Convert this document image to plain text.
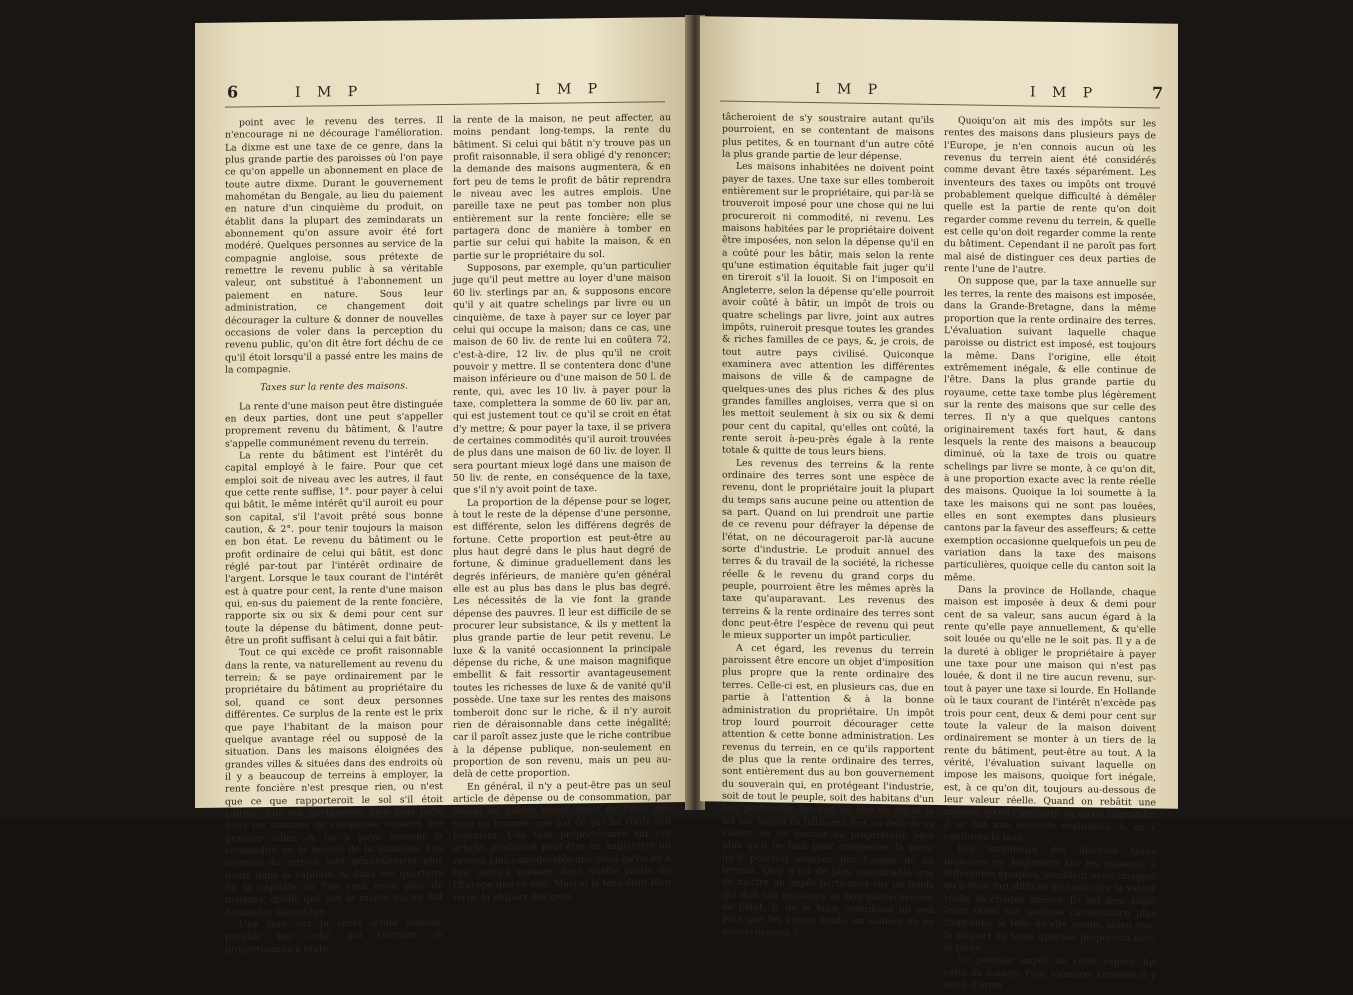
6	I M P	I M P

point avec le revenu des terres. Il n'encourage ni ne décourage l'amélioration. La dixme est une taxe de ce genre, dans la plus grande partie des paroisses où l'on paye ce qu'on appelle un abonnement en place de toute autre dixme. Durant le gouvernement mahométan du Bengale, au lieu du paiement en nature d'un cinquième du produit, on établit dans la plupart des zemindarats un abonnement qu'on assure avoir été fort modéré. Quelques personnes au service de la compagnie angloise, sous prétexte de remettre le revenu public à sa véritable valeur, ont substitué à l'abonnement un paiement en nature. Sous leur administration, ce changement doit décourager la culture & donner de nouvelles occasions de voler dans la perception du revenu public, qu'on dit être fort déchu de ce qu'il étoit lorsqu'il a passé entre les mains de la compagnie.

Taxes sur la rente des maisons.

La rente d'une maison peut être distinguée en deux parties, dont une peut s'appeller proprement revenu du bâtiment, & l'autre s'appelle communément revenu du terrein.

La rente du bâtiment est l'intérêt du capital employé à le faire. Pour que cet emploi soit de niveau avec les autres, il faut que cette rente suffise, 1°. pour payer à celui qui bâtit, le même intérêt qu'il auroit eu pour son capital, s'il l'avoit prêté sous bonne caution, & 2°. pour tenir toujours la maison en bon état. Le revenu du bâtiment ou le profit ordinaire de celui qui bâtit, est donc réglé par-tout par l'intérêt ordinaire de l'argent. Lorsque le taux courant de l'intérêt est à quatre pour cent, la rente d'une maison qui, en-sus du paiement de la rente foncière, rapporte six ou six & demi pour cent sur toute la dépense du bâtiment, donne peut-être un profit suffisant à celui qui a fait bâtir.

Tout ce qui excède ce profit raisonnable dans la rente, va naturellement au revenu du terrein; & se paye ordinairement par le propriétaire du bâtiment au propriétaire du sol, quand ce sont deux personnes différentes. Ce surplus de la rente est le prix que paye l'habitant de la maison pour quelque avantage réel ou supposé de la situation. Dans les maisons éloignées des grandes villes & situées dans des endroits où il y a beaucoup de terreins à employer, la rente foncière n'est presque rien, ou n'est que ce que rapporteroit le sol s'il étoit cultivé. Elle est quelquefois bien plus forte dans les maisons de campagne voisines des grandes villes, & on y paye souvent la commodité ou la beauté de la situation. Les revenus du terrein sont généralement plus hauts dans la capitale, & dans ces quartiers de la capitale où l'on veut avoir plus de maisons, quelle que soit la raison qui en fait demander davantage.

Une taxe sur la rente d'une maison, payable par celui qui l'occupe, & proportionnée à toute

la rente de la maison, ne peut affecter, au moins pendant long-temps, la rente du bâtiment. Si celui qui bâtit n'y trouve pas un profit raisonnable, il sera obligé d'y renoncer; la demande des maisons augmentera, & en fort peu de tems le profit de bâtir reprendra le niveau avec les autres emplois. Une pareille taxe ne peut pas tomber non plus entièrement sur la rente foncière; elle se partagera donc de manière à tomber en partie sur celui qui habite la maison, & en partie sur le propriétaire du sol.

Supposons, par exemple, qu'un particulier juge qu'il peut mettre au loyer d'une maison 60 liv. sterlings par an, & supposons encore qu'il y ait quatre schelings par livre ou un cinquième, de taxe à payer sur ce loyer par celui qui occupe la maison; dans ce cas, une maison de 60 liv. de rente lui en coûtera 72, c'est-à-dire, 12 liv. de plus qu'il ne croit pouvoir y mettre. Il se contentera donc d'une maison inférieure ou d'une maison de 50 l. de rente, qui, avec les 10 liv. à payer pour la taxe, complettera la somme de 60 liv. par an, qui est justement tout ce qu'il se croit en état d'y mettre; & pour payer la taxe, il se privera de certaines commodités qu'il auroit trouvées de plus dans une maison de 60 liv. de loyer. Il sera pourtant mieux logé dans une maison de 50 liv. de rente, en conséquence de la taxe, que s'il n'y avoit point de taxe.

La proportion de la dépense pour se loger, à tout le reste de la dépense d'une personne, est différente, selon les différens degrés de fortune. Cette proportion est peut-être au plus haut degré dans le plus haut degré de fortune, & diminue graduellement dans les degrés inférieurs, de manière qu'en général elle est au plus bas dans le plus bas degré. Les nécessités de la vie font la grande dépense des pauvres. Il leur est difficile de se procurer leur subsistance, & ils y mettent la plus grande partie de leur petit revenu. Le luxe & la vanité occasionnent la principale dépense du riche, & une maison magnifique embellit & fait ressortir avantageusement toutes les richesses de luxe & de vanité qu'il possède. Une taxe sur les rentes des maisons tomberoit donc sur le riche, & il n'y auroit rien de déraisonnable dans cette inégalité; car il paroît assez juste que le riche contribue à la dépense publique, non-seulement en proportion de son revenu, mais un peu au-delà de cette proportion.

En général, il n'y a peut-être pas un seul article de dépense ou de consommation, par lequel on puisse mieux juger de l'état que tient un homme, que par ce que lui coûte son logement. Une taxe proportionnée sur cet article, produiroit peut-être en Angleterre un revenu plus considérable que celui qu'on en a tiré jusqu'à présent dans quelle partie de l'Europe que ce soit. Mais si la taxe étoit bien forte, la plupart des gens

I M P	I M P	7

tâcheroient de s'y soustraire autant qu'ils pourroient, en se contentant de maisons plus petites, & en tournant d'un autre côté la plus grande partie de leur dépense.

Les maisons inhabitées ne doivent point payer de taxes. Une taxe sur elles tomberoit entièrement sur le propriétaire, qui par-là se trouveroit imposé pour une chose qui ne lui procureroit ni commodité, ni revenu. Les maisons habitées par le propriétaire doivent être imposées, non selon la dépense qu'il en a coûté pour les bâtir, mais selon la rente qu'une estimation équitable fait juger qu'il en tireroit s'il la louoit. Si on l'imposoit en Angleterre, selon la dépense qu'elle pourroit avoir coûté à bâtir, un impôt de trois ou quatre schelings par livre, joint aux autres impôts, ruineroit presque toutes les grandes & riches familles de ce pays, &, je crois, de tout autre pays civilisé. Quiconque examinera avec attention les différentes maisons de ville & de campagne de quelques-unes des plus riches & des plus grandes familles angloises, verra que si on les mettoit seulement à six ou six & demi pour cent du capital, qu'elles ont coûté, la rente seroit à-peu-près égale à la rente totale & quitte de tous leurs biens.

Les revenus des terreins & la rente ordinaire des terres sont une espèce de revenu, dont le propriétaire jouit la plupart du temps sans aucune peine ou attention de sa part. Quand on lui prendroit une partie de ce revenu pour défrayer la dépense de l'état, on ne décourageroit par-là aucune sorte d'industrie. Le produit annuel des terres & du travail de la société, la richesse réelle & le revenu du grand corps du peuple, pourroient être les mêmes après la taxe qu'auparavant. Les revenus des terreins & la rente ordinaire des terres sont donc peut-être l'espèce de revenu qui peut le mieux supporter un impôt particulier.

A cet égard, les revenus du terrein paroissent être encore un objet d'imposition plus propre que la rente ordinaire des terres. Celle-ci est, en plusieurs cas, due en partie à l'attention & à la bonne administration du propriétaire. Un impôt trop lourd pourroit décourager cette attention & cette bonne administration. Les revenus du terrein, en ce qu'ils rapportent de plus que la rente ordinaire des terres, sont entièrement dus au bon gouvernement du souverain qui, en protégeant l'industrie, soit de tout le peuple, soit des habitans d'un lieu particulier, les met en état de payer le sol sur lequel ils bâtissent fort au-delà de sa valeur, ou de donner au propriétaire bien plus qu'il ne faut pour compenser la perte qu'il pourroit essuyer par l'usage de ce terrein. Qu'y a-t-il de plus raisonnable que de mettre un impôt particulier sur un fonds qui doit son existence au bon gouvernement de l'état, & de le faire contribuer un peu plus que les autres fonds, au soutien de ce gouvernement ?

Quoiqu'on ait mis des impôts sur les rentes des maisons dans plusieurs pays de l'Europe, je n'en connois aucun où les revenus du terrein aient été considérés comme devant être taxés séparément. Les inventeurs des taxes ou impôts ont trouvé probablement quelque difficulté à démêler quelle est la partie de rente qu'on doit regarder comme revenu du terrein, & quelle est celle qu'on doit regarder comme la rente du bâtiment. Cependant il ne paroît pas fort mal aisé de distinguer ces deux parties de rente l'une de l'autre.

On suppose que, par la taxe annuelle sur les terres, la rente des maisons est imposée, dans la Grande-Bretagne, dans la même proportion que la rente ordinaire des terres. L'évaluation suivant laquelle chaque paroisse ou district est imposé, est toujours la même. Dans l'origine, elle étoit extrêmement inégale, & elle continue de l'être. Dans la plus grande partie du royaume, cette taxe tombe plus légèrement sur la rente des maisons que sur celle des terres. Il n'y a que quelques cantons originairement taxés fort haut, & dans lesquels la rente des maisons a beaucoup diminué, où la taxe de trois ou quatre schelings par livre se monte, à ce qu'on dit, à une proportion exacte avec la rente réelle des maisons. Quoique la loi soumette à la taxe les maisons qui ne sont pas louées, elles en sont exemptes dans plusieurs cantons par la faveur des asseffeurs; & cette exemption occasionne quelquefois un peu de variation dans la taxe des maisons particulières, quoique celle du canton soit la même.

Dans la province de Hollande, chaque maison est imposée à deux & demi pour cent de sa valeur, sans aucun égard à la rente qu'elle paye annuellement, & qu'elle soit louée ou qu'elle ne le soit pas. Il y a de la dureté à obliger le propriétaire à payer une taxe pour une maison qui n'est pas louée, & dont il ne tire aucun revenu, sur-tout à payer une taxe si lourde. En Hollande où le taux courant de l'intérêt n'excède pas trois pour cent, deux & demi pour cent sur toute la valeur de la maison doivent ordinairement se monter à un tiers de la rente du bâtiment, peut-être au tout. A la vérité, l'évaluation suivant laquelle on impose les maisons, quoique fort inégale, est, à ce qu'on dit, toujours au-dessous de leur valeur réelle. Quand on rebâtit une maison, qu'on l'améliore ou qu'on l'agrandit, il se fait une nouvelle évaluation, & on y conforme la taxe.

Les inventeurs des diverses taxes imposées en Angleterre sur les maisons, à différentes époques, semblent avoir imaginé qu'il étoit fort difficile de connoître la valeur réelle de chaque maison. Ils ont donc réglé leurs taxes sur quelque circonstance plus frappante, & telle qu'elle auroit, selon eux, la plupart du tems quelque proportion avec la rente.

Le premier impôt de cette espèce fut celui du fouage. Pour s'assurer combien il y avoit d'âtres
